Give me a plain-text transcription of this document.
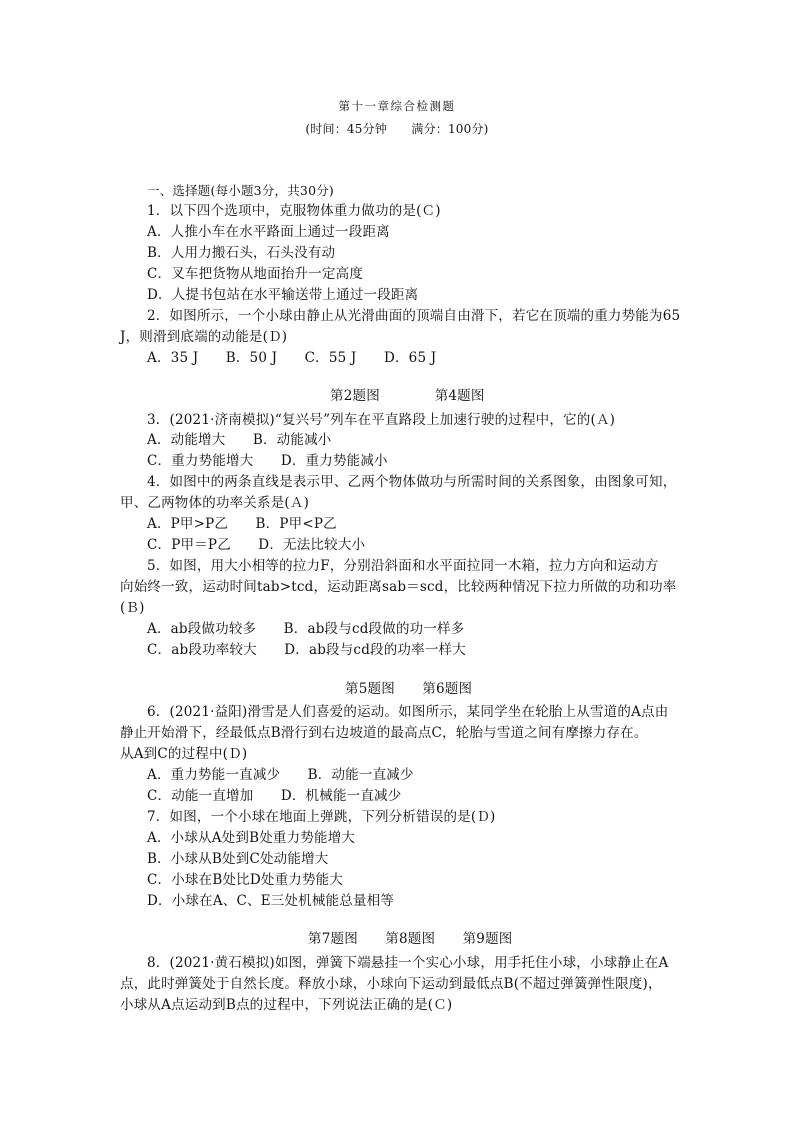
第十一章综合检测题
(时间：45分钟　　满分：100分)
一、选择题(每小题3分，共30分)
1．以下四个选项中，克服物体重力做功的是(Ｃ)
A．人推小车在水平路面上通过一段距离
B．人用力搬石头，石头没有动
C．叉车把货物从地面抬升一定高度
D．人提书包站在水平输送带上通过一段距离
2．如图所示，一个小球由静止从光滑曲面的顶端自由滑下，若它在顶端的重力势能为65
J，则滑到底端的动能是(Ｄ)
A．35 J　　B．50 J　　C．55 J　　D．65 J
第2题图　　　　第4题图
3．(2021·济南模拟)“复兴号”列车在平直路段上加速行驶的过程中，它的(Ａ)
A．动能增大　　B．动能减小
C．重力势能增大　　D．重力势能减小
4．如图中的两条直线是表示甲、乙两个物体做功与所需时间的关系图象，由图象可知，
甲、乙两物体的功率关系是(Ａ)
A．P甲>P乙　　B．P甲<P乙
C．P甲＝P乙　　D．无法比较大小
5．如图，用大小相等的拉力F，分别沿斜面和水平面拉同一木箱，拉力方向和运动方
向始终一致，运动时间tab>tcd，运动距离sab＝scd，比较两种情况下拉力所做的功和功率
(Ｂ)
A．ab段做功较多　　B．ab段与cd段做的功一样多
C．ab段功率较大　　D．ab段与cd段的功率一样大
第5题图　　第6题图
6．(2021·益阳)滑雪是人们喜爱的运动。如图所示，某同学坐在轮胎上从雪道的A点由
静止开始滑下，经最低点B滑行到右边坡道的最高点C，轮胎与雪道之间有摩擦力存在。
从A到C的过程中(Ｄ)
A．重力势能一直减少　　B．动能一直减少
C．动能一直增加　　D．机械能一直减少
7．如图，一个小球在地面上弹跳，下列分析错误的是(Ｄ)
A．小球从A处到B处重力势能增大
B．小球从B处到C处动能增大
C．小球在B处比D处重力势能大
D．小球在A、C、E三处机械能总量相等
第7题图　　第8题图　　第9题图
8．(2021·黄石模拟)如图，弹簧下端悬挂一个实心小球，用手托住小球，小球静止在A
点，此时弹簧处于自然长度。释放小球，小球向下运动到最低点B(不超过弹簧弹性限度)，
小球从A点运动到B点的过程中，下列说法正确的是(Ｃ)
